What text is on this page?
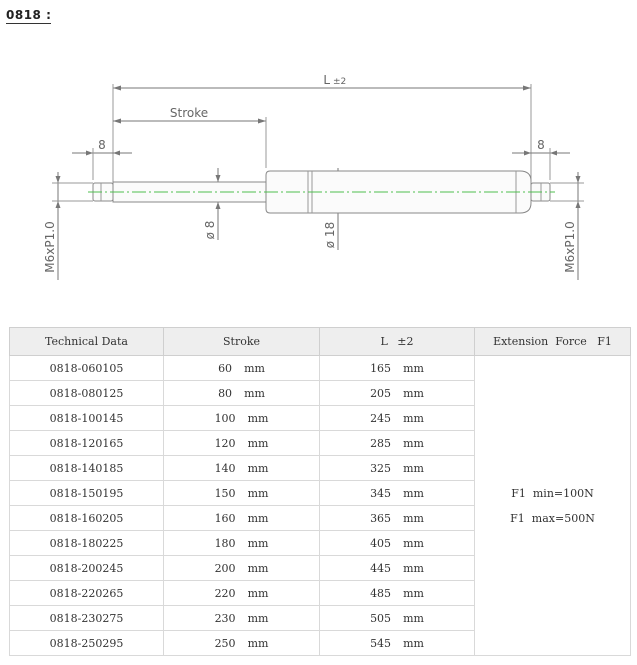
0818 :
L ±2
Stroke
8	8
ø 8	ø 18
M6xP1.0	M6xP1.0
Technical Data	Stroke	L ±2	Extension  Force   F1
0818-060105	60 mm	165 mm	F1  min=100N
F1  max=500N

0818-080125	80 mm	205 mm	
0818-100145	100 mm	245 mm	
0818-120165	120 mm	285 mm	
0818-140185	140 mm	325 mm	
0818-150195	150 mm	345 mm	
0818-160205	160 mm	365 mm	
0818-180225	180 mm	405 mm	
0818-200245	200 mm	445 mm	
0818-220265	220 mm	485 mm	
0818-230275	230 mm	505 mm	
0818-250295	250 mm	545 mm	
